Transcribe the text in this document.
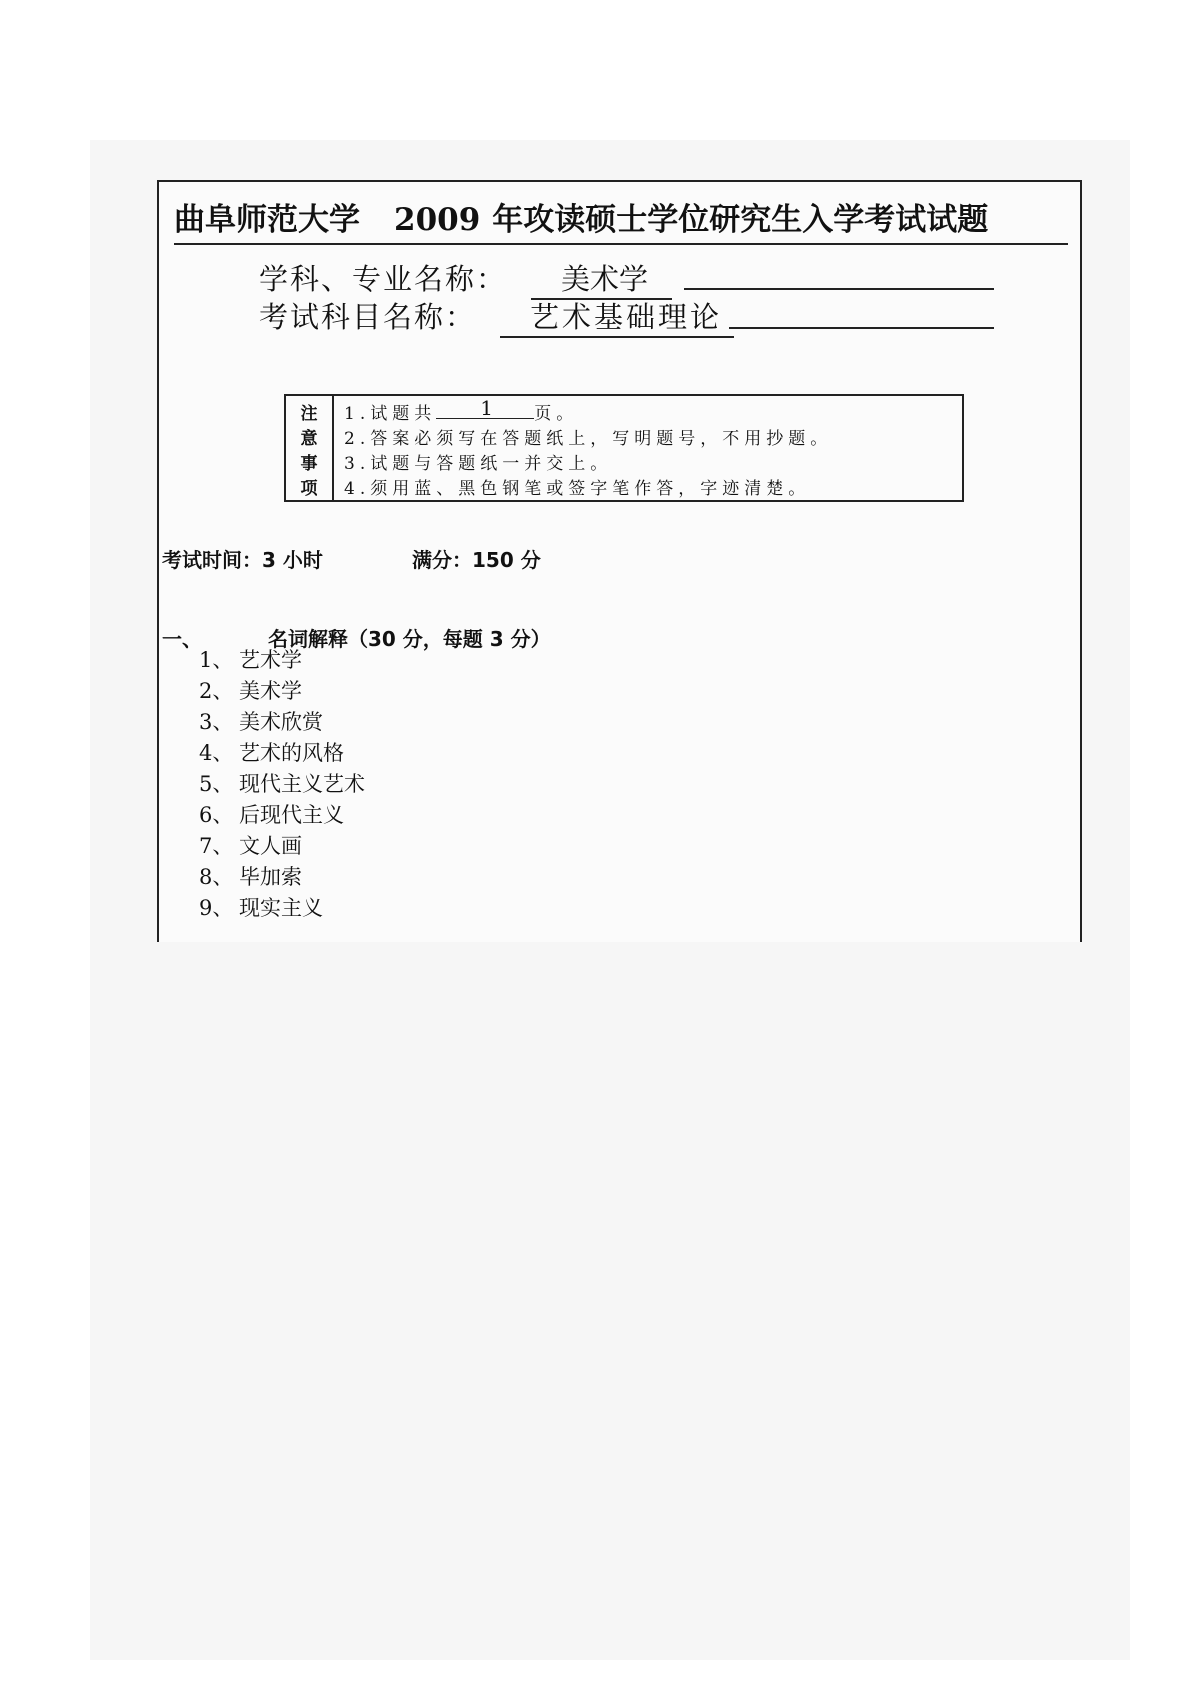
曲阜师范大学 2009 年攻读硕士学位研究生入学考试试题
学科、专业名称： 美术学
考试科目名称： 艺术基础理论
注
意
事
项
1.试题共 1 页。
2.答案必须写在答题纸上，写明题号，不用抄题。
3.试题与答题纸一并交上。
4.须用蓝、黑色钢笔或签字笔作答，字迹清楚。
考试时间：3 小时	满分：150 分
一、	名词解释（30 分，每题 3 分）
1、 艺术学
2、 美术学
3、 美术欣赏
4、 艺术的风格
5、 现代主义艺术
6、 后现代主义
7、 文人画
8、 毕加索
9、 现实主义
